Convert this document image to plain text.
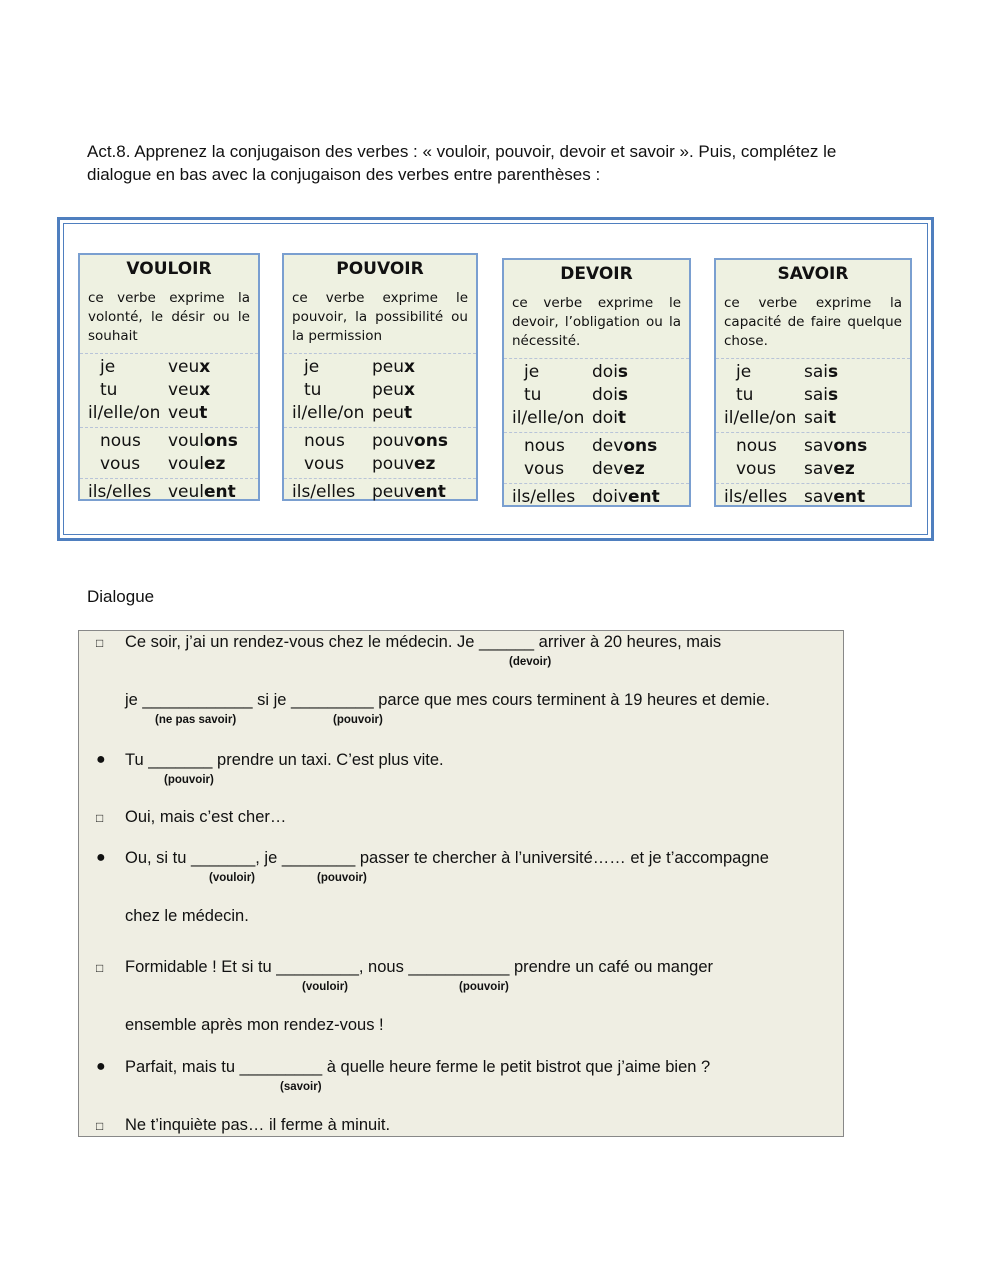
Act.8. Apprenez la conjugaison des verbes : « vouloir, pouvoir, devoir et savoir ». Puis, complétez le dialogue en bas avec la conjugaison des verbes entre parenthèses :
VOULOIR
ce verbe exprime la volonté, le désir ou le souhait
je	veux
tu	veux
il/elle/on veut
nous	voulons
vous	voulez
ils/elles veulent
POUVOIR
ce verbe exprime le pouvoir, la possibilité ou la permission
je	peux
tu	peux
il/elle/on peut
nous	pouvons
vous	pouvez
ils/elles peuvent
DEVOIR
ce verbe exprime le devoir, l’obligation ou la nécessité.
je	dois
tu	dois
il/elle/on doit
nous	devons
vous	devez
ils/elles doivent
SAVOIR
ce verbe exprime la capacité de faire quelque chose.
je	sais
tu	sais
il/elle/on sait
nous	savons
vous	savez
ils/elles savent
Dialogue
□ Ce soir, j’ai un rendez-vous chez le médecin. Je ______ arriver à 20 heures, mais
(devoir)
je ____________ si je _________ parce que mes cours terminent à 19 heures et demie.
(ne pas savoir)	(pouvoir)
● Tu _______ prendre un taxi. C’est plus vite.
(pouvoir)
□ Oui, mais c’est cher…
● Ou, si tu _______, je ________ passer te chercher à l’université…… et je t’accompagne
(vouloir)	(pouvoir)
chez le médecin.
□ Formidable ! Et si tu _________, nous ___________ prendre un café ou manger
(vouloir)	(pouvoir)
ensemble après mon rendez-vous !
● Parfait, mais tu _________ à quelle heure ferme le petit bistrot que j’aime bien ?
(savoir)
□ Ne t’inquiète pas… il ferme à minuit.
